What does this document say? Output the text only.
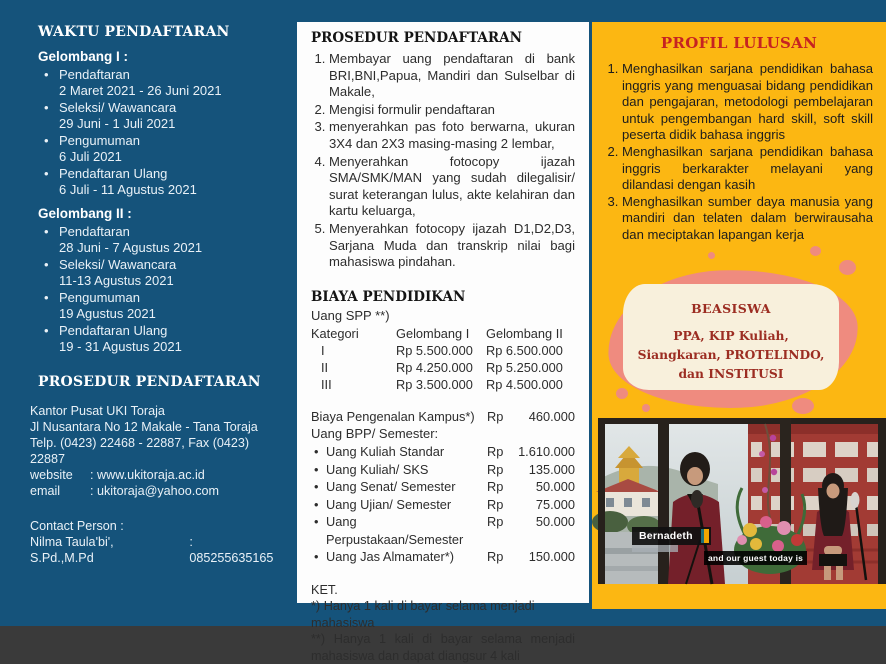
WAKTU PENDAFTARAN
Gelombang I :
• Pendaftaran
2 Maret 2021 - 26 Juni 2021
• Seleksi/ Wawancara
29 Juni - 1 Juli 2021
• Pengumuman
6 Juli 2021
• Pendaftaran Ulang
6 Juli - 11 Agustus 2021
Gelombang II :
• Pendaftaran
28 Juni - 7 Agustus 2021
• Seleksi/ Wawancara
11-13 Agustus 2021
• Pengumuman
19 Agustus 2021
• Pendaftaran Ulang
19 - 31 Agustus 2021
PROSEDUR PENDAFTARAN
Kantor Pusat UKI Toraja
Jl Nusantara No 12 Makale - Tana Toraja
Telp. (0423) 22468 - 22887, Fax (0423) 22887
website	: www.ukitoraja.ac.id
email	: ukitoraja@yahoo.com
Contact Person :
Nilma Taula'bi', S.Pd.,M.Pd
: 085255635165
PROSEDUR PENDAFTARAN
1. Membayar uang pendaftaran di bank BRI,BNI,Papua, Mandiri dan Sulselbar di Makale,
2. Mengisi formulir pendaftaran
3. menyerahkan pas foto berwarna, ukuran 3X4 dan 2X3 masing-masing 2 lembar,
4. Menyerahkan fotocopy ijazah SMA/SMK/MAN yang sudah dilegalisir/ surat keterangan lulus, akte kelahiran dan kartu keluarga,
5. Menyerahkan fotocopy ijazah D1,D2,D3, Sarjana Muda dan transkrip nilai bagi mahasiswa pindahan.
BIAYA PENDIDIKAN
Uang SPP **)
Kategori	Gelombang I	Gelombang II
I	Rp 5.500.000	Rp 6.500.000
II	Rp 4.250.000	Rp 5.250.000
III	Rp 3.500.000	Rp 4.500.000
Biaya Pengenalan Kampus*) Rp	460.000
Uang BPP/ Semester:
• Uang Kuliah Standar	Rp	1.610.000
• Uang Kuliah/ SKS	Rp	135.000
• Uang Senat/ Semester	Rp	50.000
• Uang Ujian/ Semester	Rp	75.000
• Uang Perpustakaan/Semester
Rp	50.000
• Uang Jas Almamater*)	Rp	150.000
KET.
*) Hanya 1 kali di bayar selama menjadi mahasiswa
**) Hanya 1 kali di bayar selama menjadi mahasiswa dan dapat diangsur 4 kali
PROFIL LULUSAN
1. Menghasilkan sarjana pendidikan bahasa inggris yang menguasai bidang pendidikan dan pengajaran, metodologi pembelajaran untuk pengembangan hard skill, soft skill peserta didik bahasa inggris
2. Menghasilkan sarjana pendidikan bahasa inggris berkarakter melayani yang dilandasi dengan kasih
3. Menghasilkan sumber daya manusia yang mandiri dan telaten dalam berwirausaha dan meciptakan lapangan kerja
BEASISWA
PPA, KIP Kuliah, Siangkaran, PROTELINDO, dan INSTITUSI
Bernadeth
and our guest today is
